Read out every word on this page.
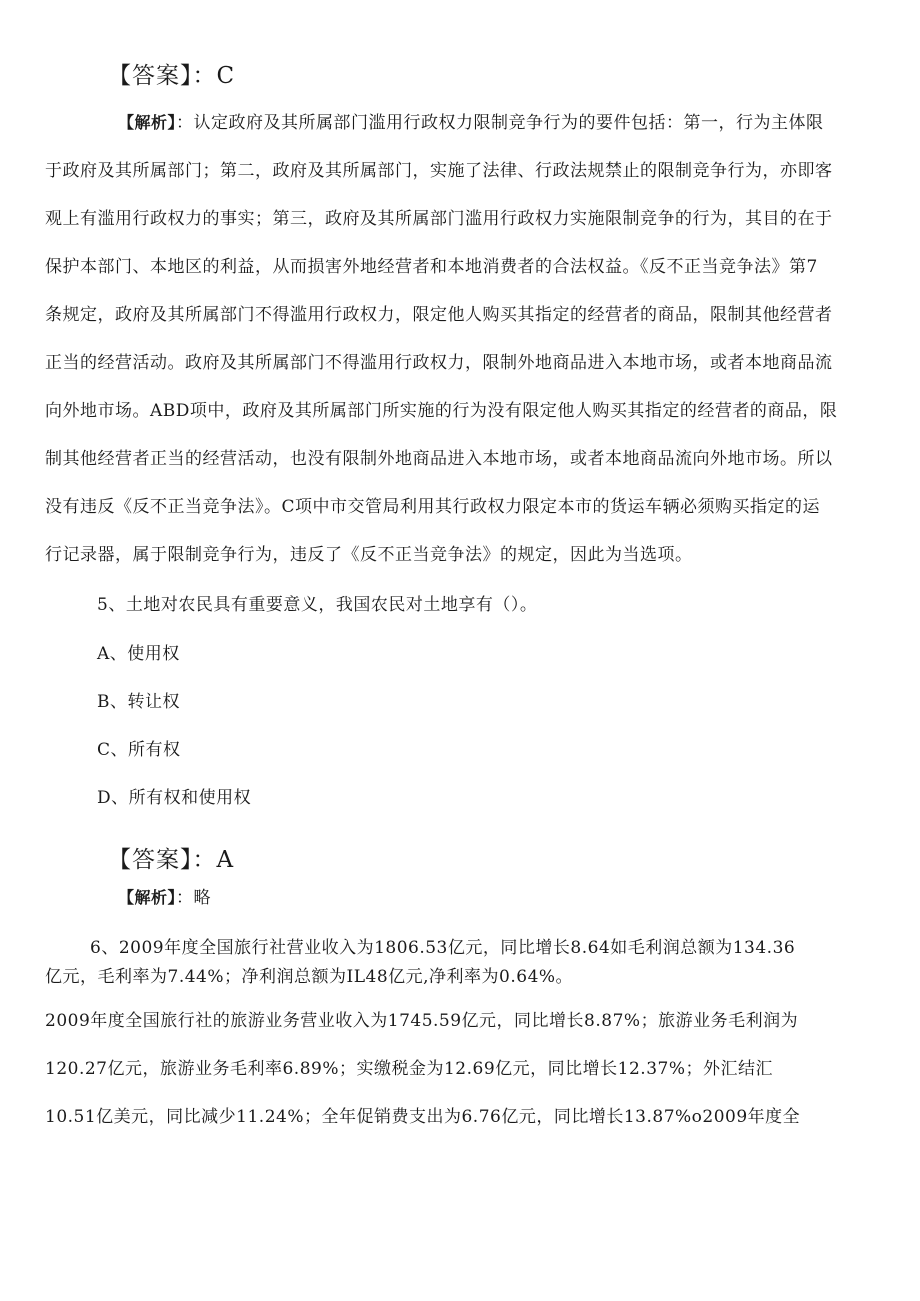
【答案】：C
【解析】：认定政府及其所属部门滥用行政权力限制竞争行为的要件包括：第一，行为主体限
于政府及其所属部门；第二，政府及其所属部门，实施了法律、行政法规禁止的限制竞争行为，亦即客
观上有滥用行政权力的事实；第三，政府及其所属部门滥用行政权力实施限制竞争的行为，其目的在于
保护本部门、本地区的利益，从而损害外地经营者和本地消费者的合法权益。《反不正当竞争法》第7
条规定，政府及其所属部门不得滥用行政权力，限定他人购买其指定的经营者的商品，限制其他经营者
正当的经营活动。政府及其所属部门不得滥用行政权力，限制外地商品进入本地市场，或者本地商品流
向外地市场。ABD项中，政府及其所属部门所实施的行为没有限定他人购买其指定的经营者的商品，限
制其他经营者正当的经营活动，也没有限制外地商品进入本地市场，或者本地商品流向外地市场。所以
没有违反《反不正当竞争法》。C项中市交管局利用其行政权力限定本市的货运车辆必须购买指定的运
行记录器，属于限制竞争行为，违反了《反不正当竞争法》的规定，因此为当选项。
5、土地对农民具有重要意义，我国农民对土地享有（）。
A、使用权
B、转让权
C、所有权
D、所有权和使用权
【答案】：A
【解析】：略
6、2009年度全国旅行社营业收入为1806.53亿元，同比增长8.64如毛利润总额为134.36
亿元，毛利率为7.44%；净利润总额为IL48亿元,净利率为0.64%。
2009年度全国旅行社的旅游业务营业收入为1745.59亿元，同比增长8.87%；旅游业务毛利润为
120.27亿元，旅游业务毛利率6.89%；实缴税金为12.69亿元，同比增长12.37%；外汇结汇
10.51亿美元，同比减少11.24%；全年促销费支出为6.76亿元，同比增长13.87%o2009年度全
